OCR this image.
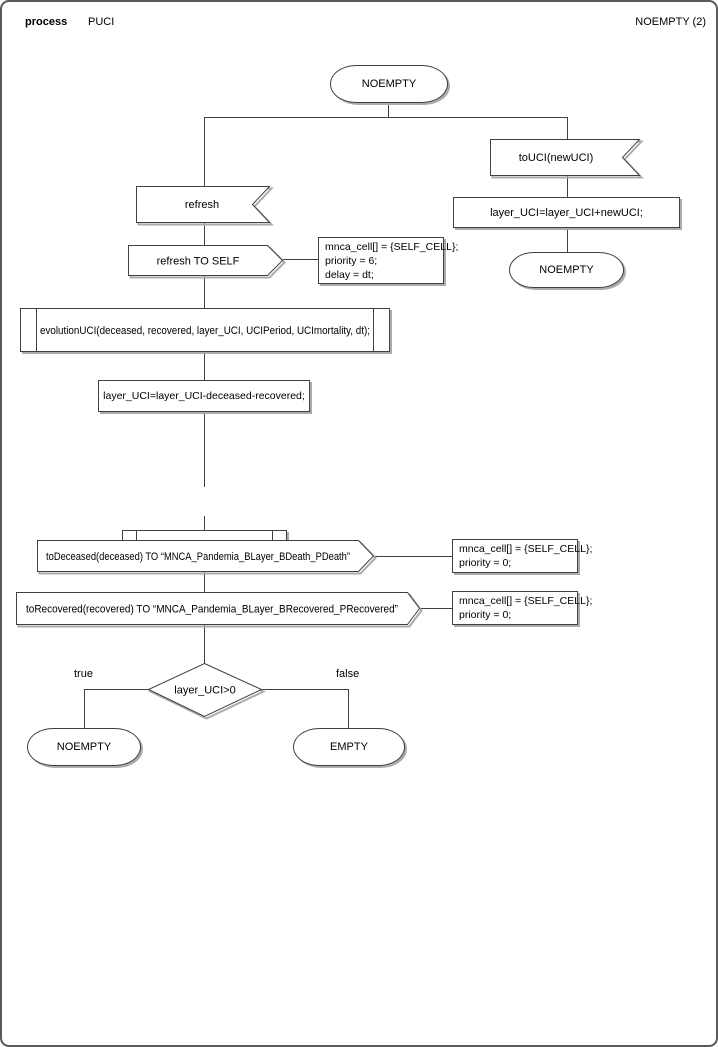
process PUCI	NOEMPTY (2)
NOEMPTY
toUCI(newUCI)
layer_UCI=layer_UCI+newUCI;
NOEMPTY
refresh
refresh TO SELF
mnca_cell[] = {SELF_CELL};
priority = 6;
delay = dt;
evolutionUCI(deceased, recovered, layer_UCI, UCIPeriod, UCImortality, dt);
layer_UCI=layer_UCI-deceased-recovered;
toDeceased(deceased) TO “MNCA_Pandemia_BLayer_BDeath_PDeath”
mnca_cell[] = {SELF_CELL};
priority = 0;
toRecovered(recovered) TO “MNCA_Pandemia_BLayer_BRecovered_PRecovered”
mnca_cell[] = {SELF_CELL};
priority = 0;
layer_UCI>0
true	false
NOEMPTY	EMPTY
